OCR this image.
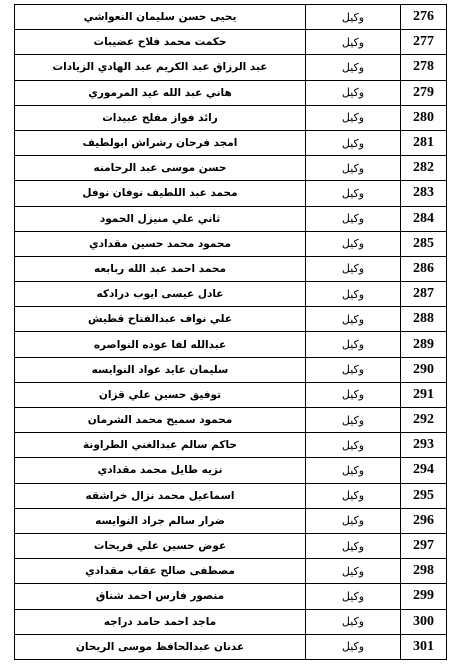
276	وكيل	يحيى حسن سليمان النعواشي
277	وكيل	حكمت محمد فلاح عضيبات
278	وكيل	عبد الرزاق عبد الكريم عبد الهادي الزيادات
279	وكيل	هاني عبد الله عيد المرموري
280	وكيل	رائد فواز مفلح عبيدات
281	وكيل	امجد فرحان رشراش ابولطيف
282	وكيل	حسن موسى عبد الرحامنه
283	وكيل	محمد عبد اللطيف نوفان نوفل
284	وكيل	ثاني علي منيزل الحمود
285	وكيل	محمود محمد حسين مقدادي
286	وكيل	محمد احمد عبد الله ربابعه
287	وكيل	عادل عيسى ايوب درادكه
288	وكيل	علي نواف عبدالفتاح قطيش
289	وكيل	عبدالله لفا عوده النواصره
290	وكيل	سليمان عايد عواد النوايسه
291	وكيل	توفيق حسين علي قزان
292	وكيل	محمود سميح محمد الشرمان
293	وكيل	حاكم سالم عبدالغني الطراونة
294	وكيل	نزيه طايل محمد مقدادي
295	وكيل	اسماعيل محمد نزال خراشقه
296	وكيل	ضرار سالم جراد النوايسه
297	وكيل	عوض حسين علي فريحات
298	وكيل	مصطفى صالح عقاب مقدادي
299	وكيل	منصور فارس احمد شناق
300	وكيل	ماجد احمد حامد دراجه
301	وكيل	عدنان عبدالحافظ موسى الريحان
